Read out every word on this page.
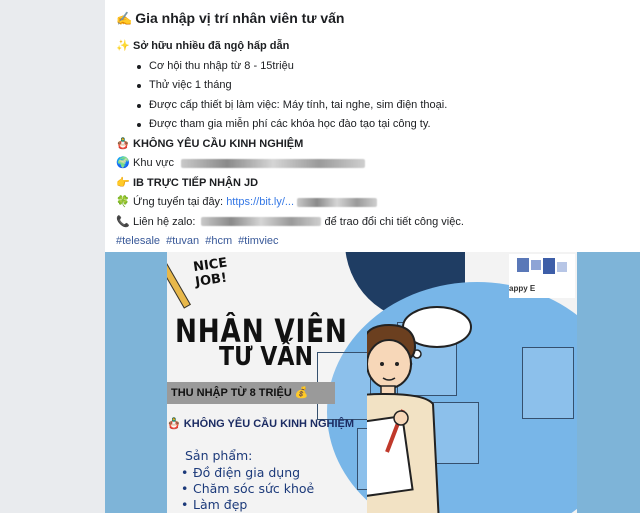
✍ Gia nhập vị trí nhân viên tư vấn
✨ Sở hữu nhiều đã ngộ hấp dẫn
Cơ hội thu nhập từ 8 - 15triệu
Thử việc 1 tháng
Được cấp thiết bị làm việc: Máy tính, tai nghe, sim điện thoại.
Được tham gia miễn phí các khóa học đào tạo tại công ty.
🪆 KHÔNG YÊU CẦU KINH NGHIỆM
🌍 Khu vực
👉 IB TRỰC TIẾP NHẬN JD
🍀 Ứng tuyển tại đây: https://bit.ly/...
📞 Liên hệ zalo:	để trao đổi chi tiết công việc.
#telesale #tuvan #hcm #timviec
appy E
NICE
JOB!
NHÂN VIÊN
TƯ VẤN
THU NHẬP TỪ 8 TRIỆU 💰
🪆 KHÔNG YÊU CẦU KINH NGHIỆM
Sản phẩm:
• Đồ điện gia dụng
• Chăm sóc sức khoẻ
• Làm đẹp
